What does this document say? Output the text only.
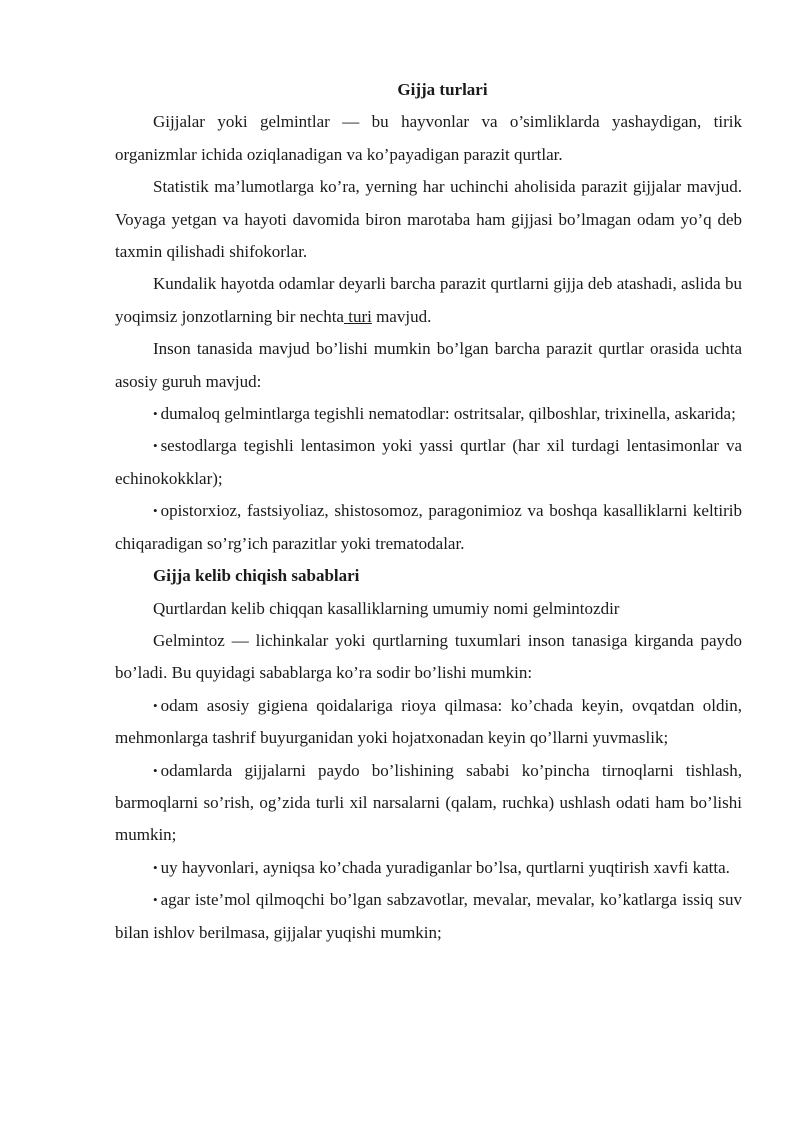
Gijja turlari

Gijjalar yoki gelmintlar — bu hayvonlar va o’simliklarda yashaydigan, tirik organizmlar ichida oziqlanadigan va ko’payadigan parazit qurtlar.

Statistik ma’lumotlarga ko’ra, yerning har uchinchi aholisida parazit gijjalar mavjud. Voyaga yetgan va hayoti davomida biron marotaba ham gijjasi bo’lmagan odam yo’q deb taxmin qilishadi shifokorlar.

Kundalik hayotda odamlar deyarli barcha parazit qurtlarni gijja deb atashadi, aslida bu yoqimsiz jonzotlarning bir nechta turi mavjud.

Inson tanasida mavjud bo’lishi mumkin bo’lgan barcha parazit qurtlar orasida uchta asosiy guruh mavjud:

• dumaloq gelmintlarga tegishli nematodlar: ostritsalar, qilboshlar, trixinella, askarida;

• sestodlarga tegishli lentasimon yoki yassi qurtlar (har xil turdagi lentasimonlar va echinokokklar);

• opistorxioz, fastsiyoliaz, shistosomoz, paragonimioz va boshqa kasalliklarni keltirib chiqaradigan so’rg’ich parazitlar yoki trematodalar.

Gijja kelib chiqish sabablari

Qurtlardan kelib chiqqan kasalliklarning umumiy nomi gelmintozdir

Gelmintoz — lichinkalar yoki qurtlarning tuxumlari inson tanasiga kirganda paydo bo’ladi. Bu quyidagi sabablarga ko’ra sodir bo’lishi mumkin:

• odam asosiy gigiena qoidalariga rioya qilmasa: ko’chada keyin, ovqatdan oldin, mehmonlarga tashrif buyurganidan yoki hojatxonadan keyin qo’llarni yuvmaslik;

• odamlarda gijjalarni paydo bo’lishining sababi ko’pincha tirnoqlarni tishlash, barmoqlarni so’rish, og’zida turli xil narsalarni (qalam, ruchka) ushlash odati ham bo’lishi mumkin;

• uy hayvonlari, ayniqsa ko’chada yuradiganlar bo’lsa, qurtlarni yuqtirish xavfi katta.

• agar iste’mol qilmoqchi bo’lgan sabzavotlar, mevalar, mevalar, ko’katlarga issiq suv bilan ishlov berilmasa, gijjalar yuqishi mumkin;
